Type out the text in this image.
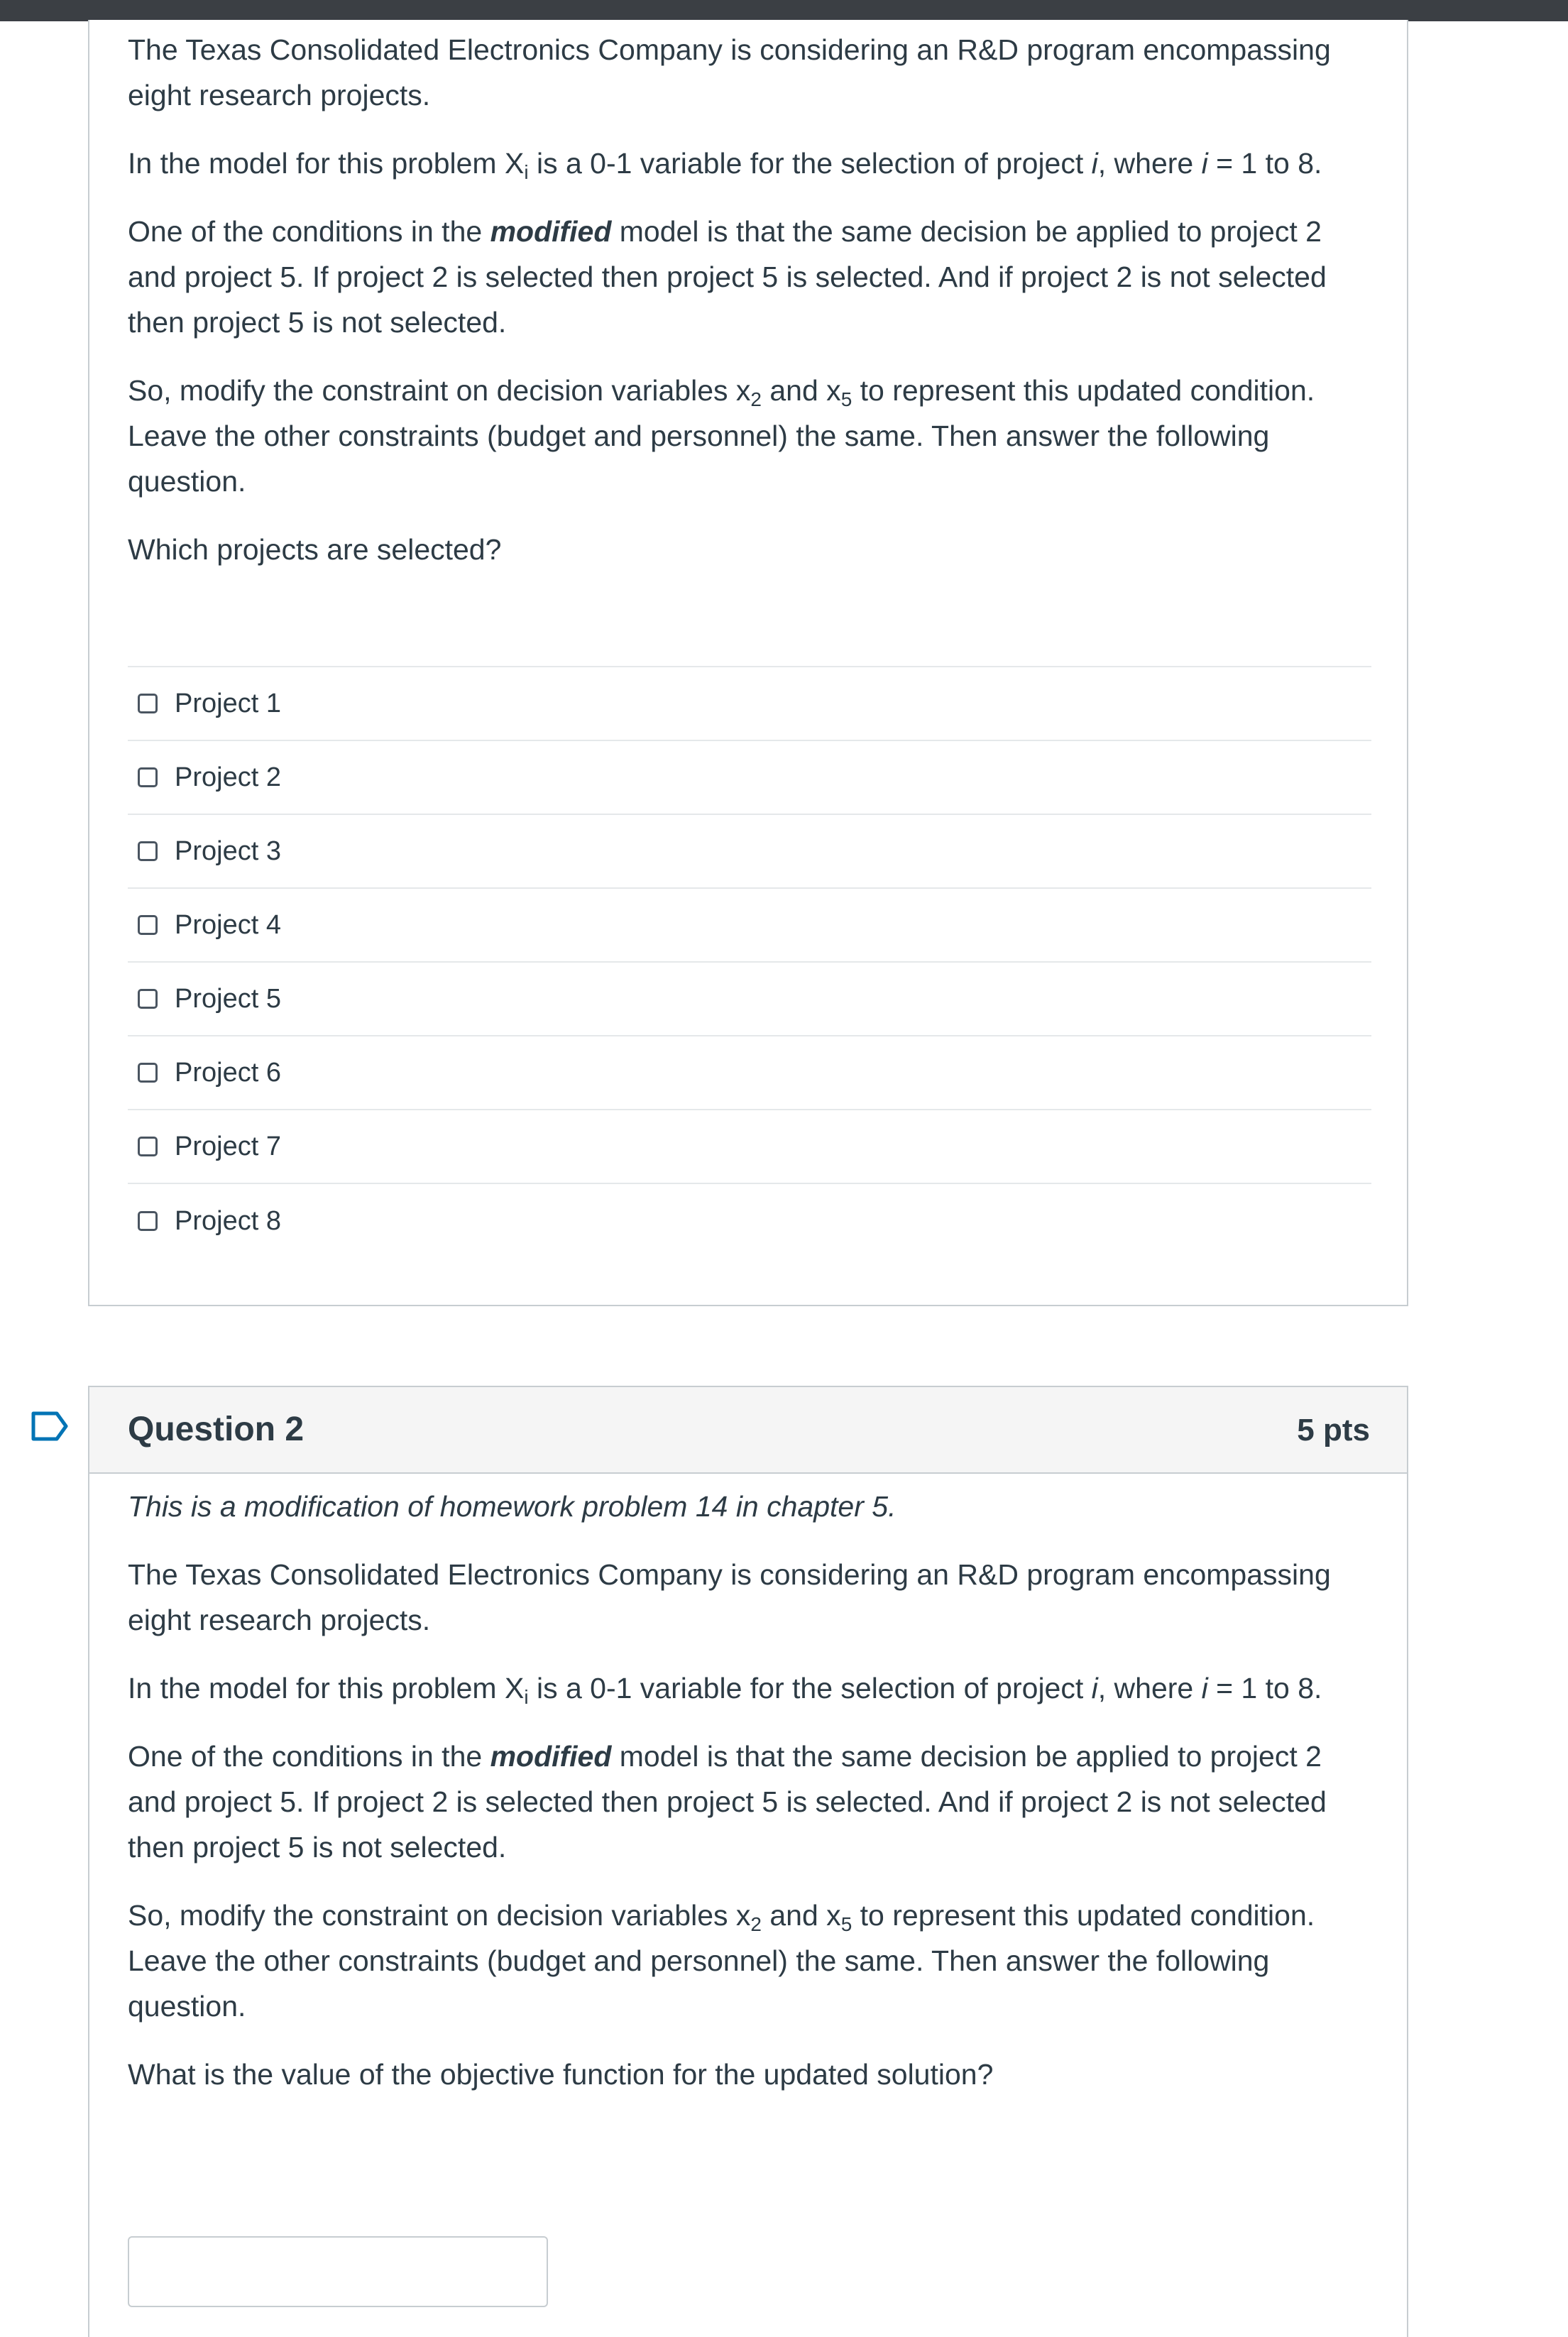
The Texas Consolidated Electronics Company is considering an R&D program encompassing eight research projects.

In the model for this problem $X_i$ is a 0-1 variable for the selection of project i, where i = 1 to 8.

One of the conditions in the modified model is that the same decision be applied to project 2 and project 5. If project 2 is selected then project 5 is selected. And if project 2 is not selected then project 5 is not selected.

So, modify the constraint on decision variables $x_2$ and $x_5$ to represent this updated condition. Leave the other constraints (budget and personnel) the same. Then answer the following question.

Which projects are selected?

Project 1
Project 2
Project 3
Project 4
Project 5
Project 6
Project 7
Project 8
Question 2	5 pts

This is a modification of homework problem 14 in chapter 5.

The Texas Consolidated Electronics Company is considering an R&D program encompassing eight research projects.

In the model for this problem $X_i$ is a 0-1 variable for the selection of project i, where i = 1 to 8.

One of the conditions in the modified model is that the same decision be applied to project 2 and project 5. If project 2 is selected then project 5 is selected. And if project 2 is not selected then project 5 is not selected.

So, modify the constraint on decision variables $x_2$ and $x_5$ to represent this updated condition. Leave the other constraints (budget and personnel) the same. Then answer the following question.

What is the value of the objective function for the updated solution?
